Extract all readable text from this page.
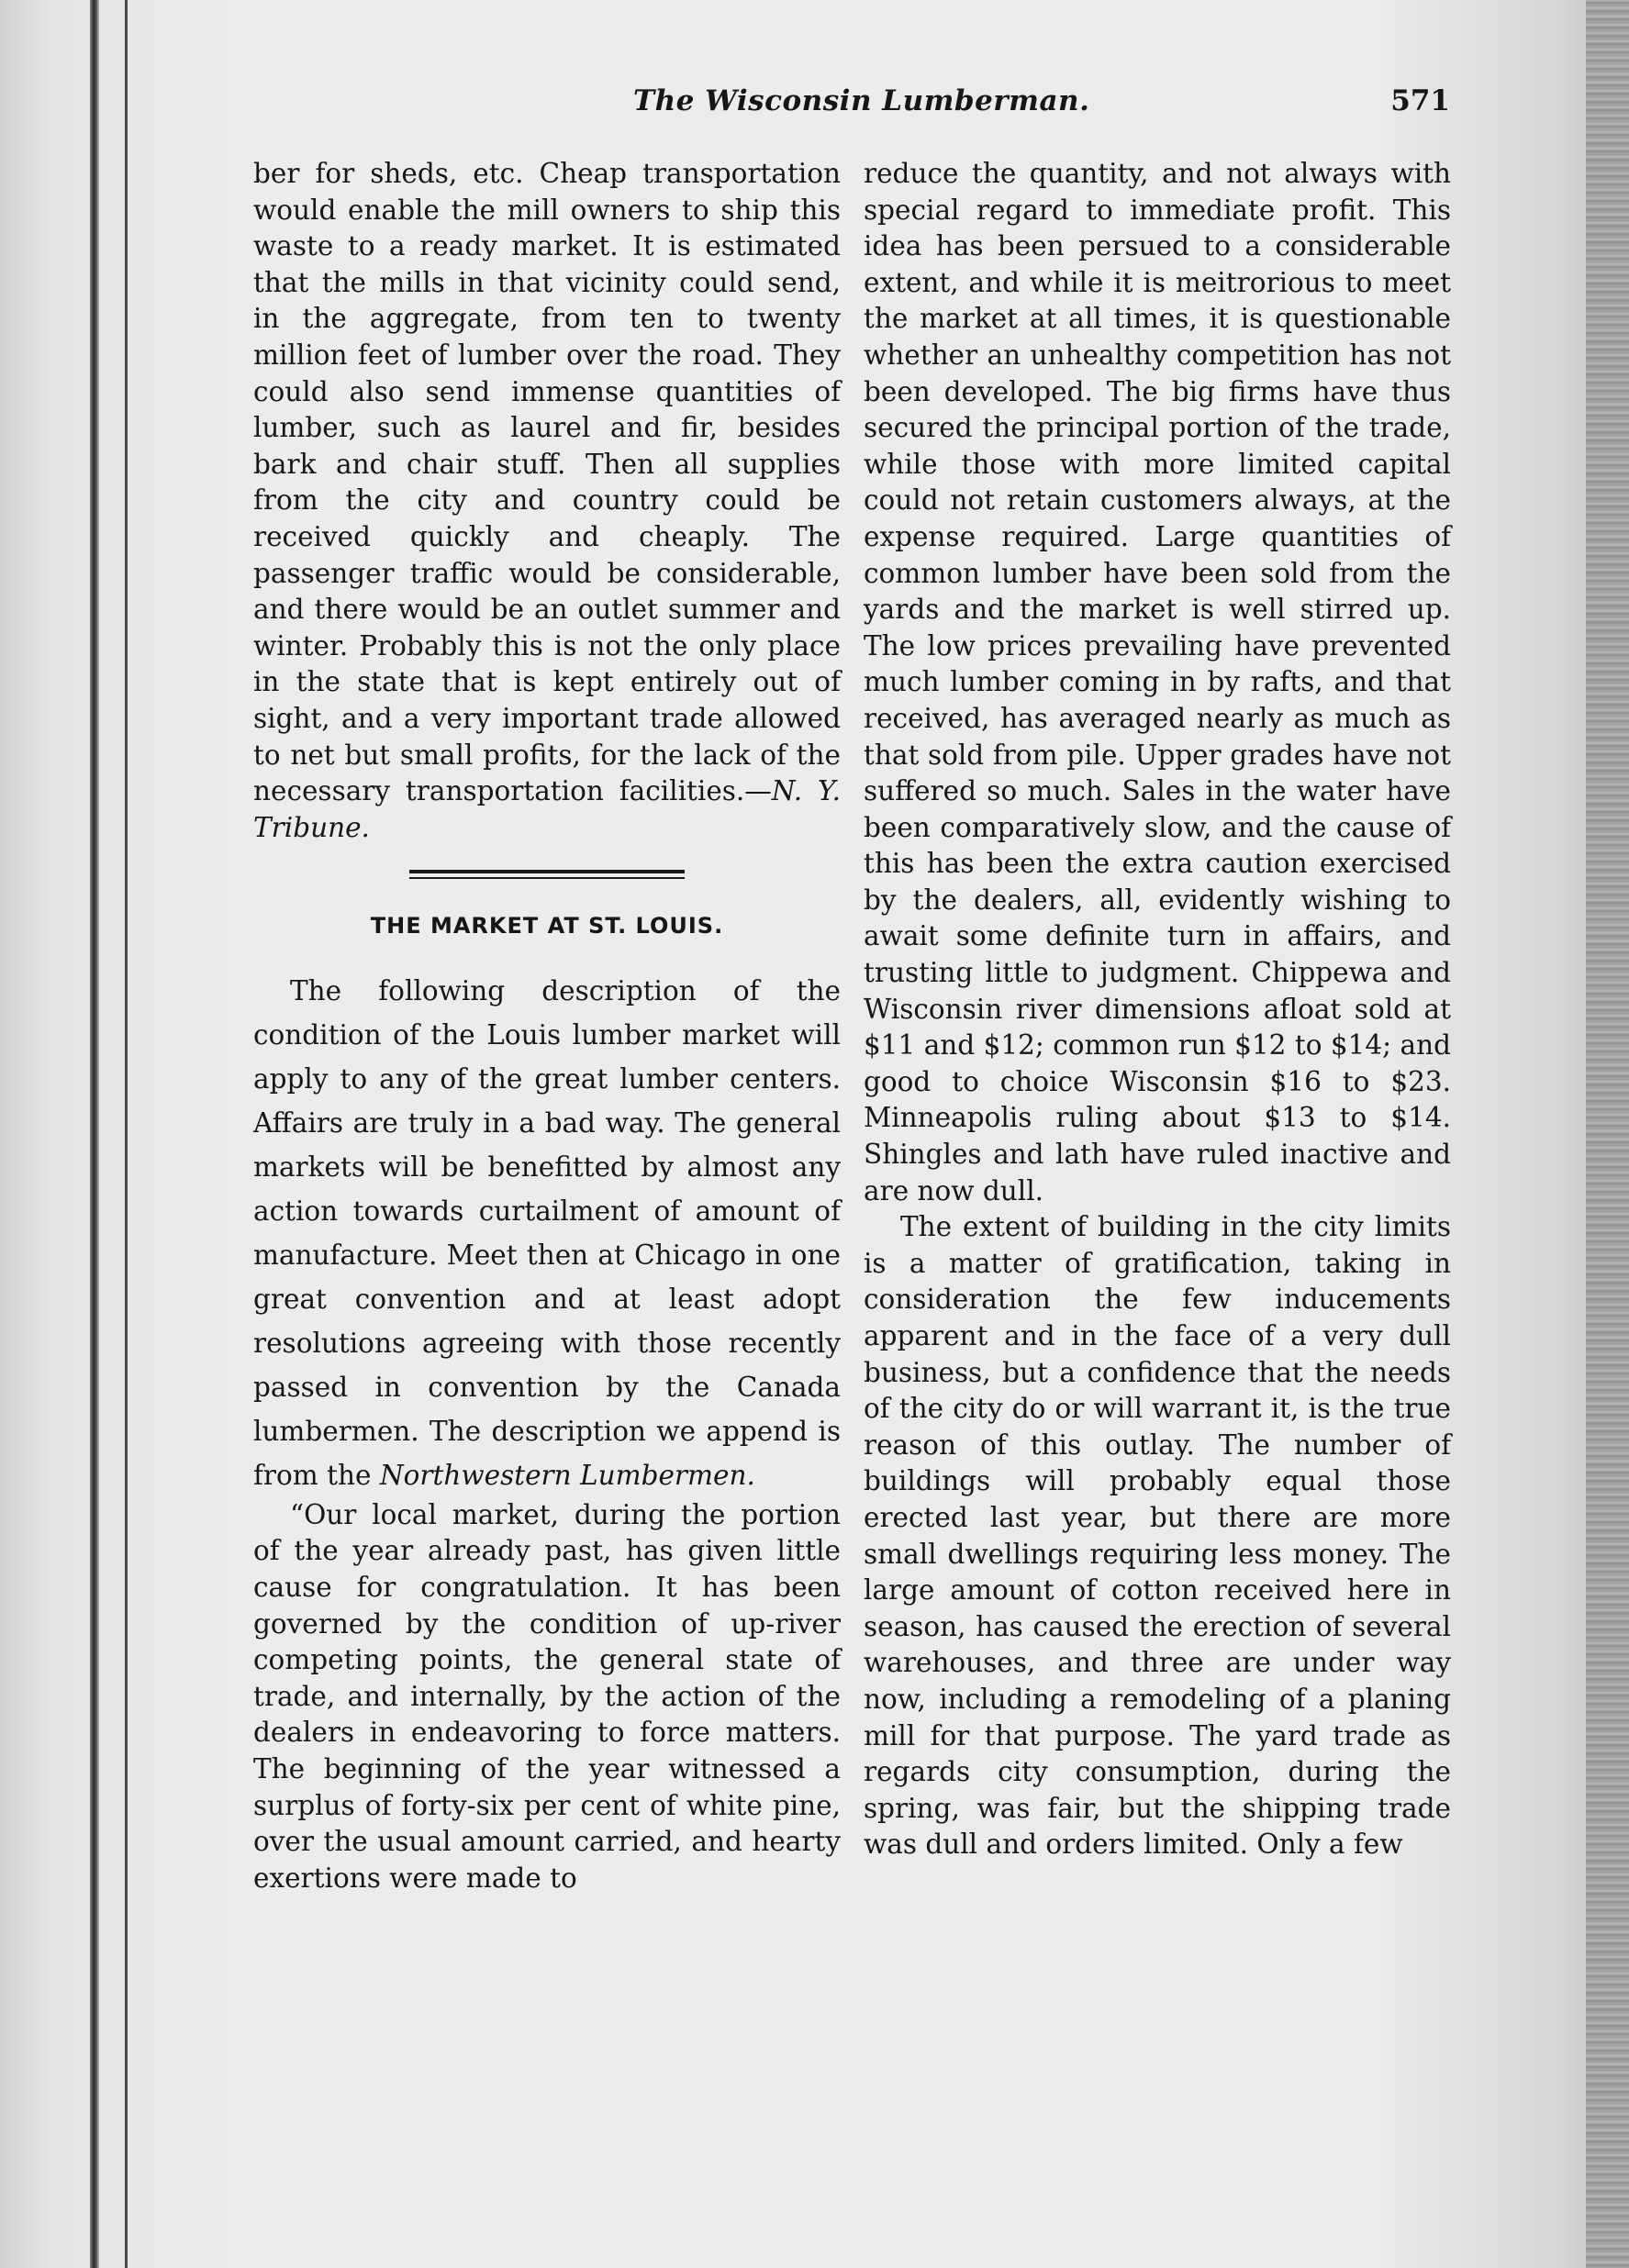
The Wisconsin Lumberman.	571

ber for sheds, etc. Cheap transportation would enable the mill owners to ship this waste to a ready market. It is estimated that the mills in that vicinity could send, in the aggregate, from ten to twenty million feet of lumber over the road. They could also send immense quantities of lumber, such as laurel and fir, besides bark and chair stuff. Then all supplies from the city and country could be received quickly and cheaply. The passenger traffic would be considerable, and there would be an outlet summer and winter. Probably this is not the only place in the state that is kept entirely out of sight, and a very important trade allowed to net but small profits, for the lack of the necessary transportation facilities.—N. Y. Tribune.

THE MARKET AT ST. LOUIS.

The following description of the condition of the Louis lumber market will apply to any of the great lumber centers. Affairs are truly in a bad way. The general markets will be benefitted by almost any action towards curtailment of amount of manufacture. Meet then at Chicago in one great convention and at least adopt resolutions agreeing with those recently passed in convention by the Canada lumbermen. The description we append is from the Northwestern Lumbermen.

“Our local market, during the portion of the year already past, has given little cause for congratulation. It has been governed by the condition of up-river competing points, the general state of trade, and internally, by the action of the dealers in endeavoring to force matters. The beginning of the year witnessed a surplus of forty-six per cent of white pine, over the usual amount carried, and hearty exertions were made to

reduce the quantity, and not always with special regard to immediate profit. This idea has been persued to a considerable extent, and while it is meitrorious to meet the market at all times, it is questionable whether an unhealthy competition has not been developed. The big firms have thus secured the principal portion of the trade, while those with more limited capital could not retain customers always, at the expense required. Large quantities of common lumber have been sold from the yards and the market is well stirred up. The low prices prevailing have prevented much lumber coming in by rafts, and that received, has averaged nearly as much as that sold from pile. Upper grades have not suffered so much. Sales in the water have been comparatively slow, and the cause of this has been the extra caution exercised by the dealers, all, evidently wishing to await some definite turn in affairs, and trusting little to judgment. Chippewa and Wisconsin river dimensions afloat sold at $11 and $12; common run $12 to $14; and good to choice Wisconsin $16 to $23. Minneapolis ruling about $13 to $14. Shingles and lath have ruled inactive and are now dull.

The extent of building in the city limits is a matter of gratification, taking in consideration the few inducements apparent and in the face of a very dull business, but a confidence that the needs of the city do or will warrant it, is the true reason of this outlay. The number of buildings will probably equal those erected last year, but there are more small dwellings requiring less money. The large amount of cotton received here in season, has caused the erection of several warehouses, and three are under way now, including a remodeling of a planing mill for that purpose. The yard trade as regards city consumption, during the spring, was fair, but the shipping trade was dull and orders limited. Only a few
